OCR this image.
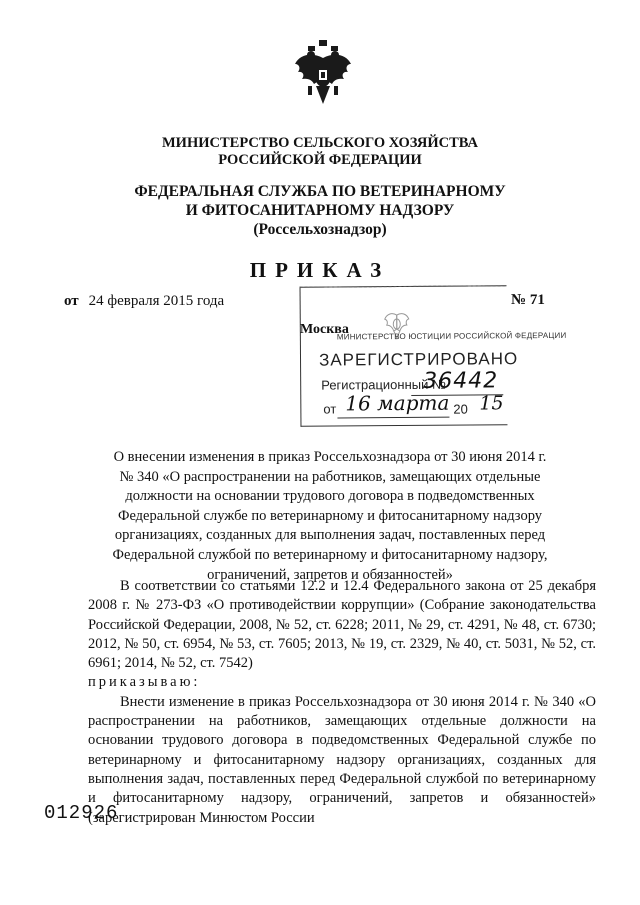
МИНИСТЕРСТВО СЕЛЬСКОГО ХОЗЯЙСТВА
РОССИЙСКОЙ ФЕДЕРАЦИИ
ФЕДЕРАЛЬНАЯ СЛУЖБА ПО ВЕТЕРИНАРНОМУ
И ФИТОСАНИТАРНОМУ НАДЗОРУ
(Россельхознадзор)
ПРИКАЗ
от 24 февраля 2015 года
МИНИСТЕРСТВО ЮСТИЦИИ РОССИЙСКОЙ ФЕДЕРАЦИИ
ЗАРЕГИСТРИРОВАНО
Регистрационный №
36442
от 16 марта 20 15
№ 71
Москва
О внесении изменения в приказ Россельхознадзора от 30 июня 2014 г. № 340 «О распространении на работников, замещающих отдельные должности на основании трудового договора в подведомственных Федеральной службе по ветеринарному и фитосанитарному надзору организациях, созданных для выполнения задач, поставленных перед Федеральной службой по ветеринарному и фитосанитарному надзору, ограничений, запретов и обязанностей»

В соответствии со статьями 12.2 и 12.4 Федерального закона от 25 декабря 2008 г. № 273-ФЗ «О противодействии коррупции» (Собрание законодательства Российской Федерации, 2008, № 52, ст. 6228; 2011, № 29, ст. 4291, № 48, ст. 6730; 2012, № 50, ст. 6954, № 53, ст. 7605; 2013, № 19, ст. 2329, № 40, ст. 5031, № 52, ст. 6961; 2014, № 52, ст. 7542)

приказываю:

Внести изменение в приказ Россельхознадзора от 30 июня 2014 г. № 340 «О распространении на работников, замещающих отдельные должности на основании трудового договора в подведомственных Федеральной службе по ветеринарному и фитосанитарному надзору организациях, созданных для выполнения задач, поставленных перед Федеральной службой по ветеринарному и фитосанитарному надзору, ограничений, запретов и обязанностей» (зарегистрирован Минюстом России

012926
